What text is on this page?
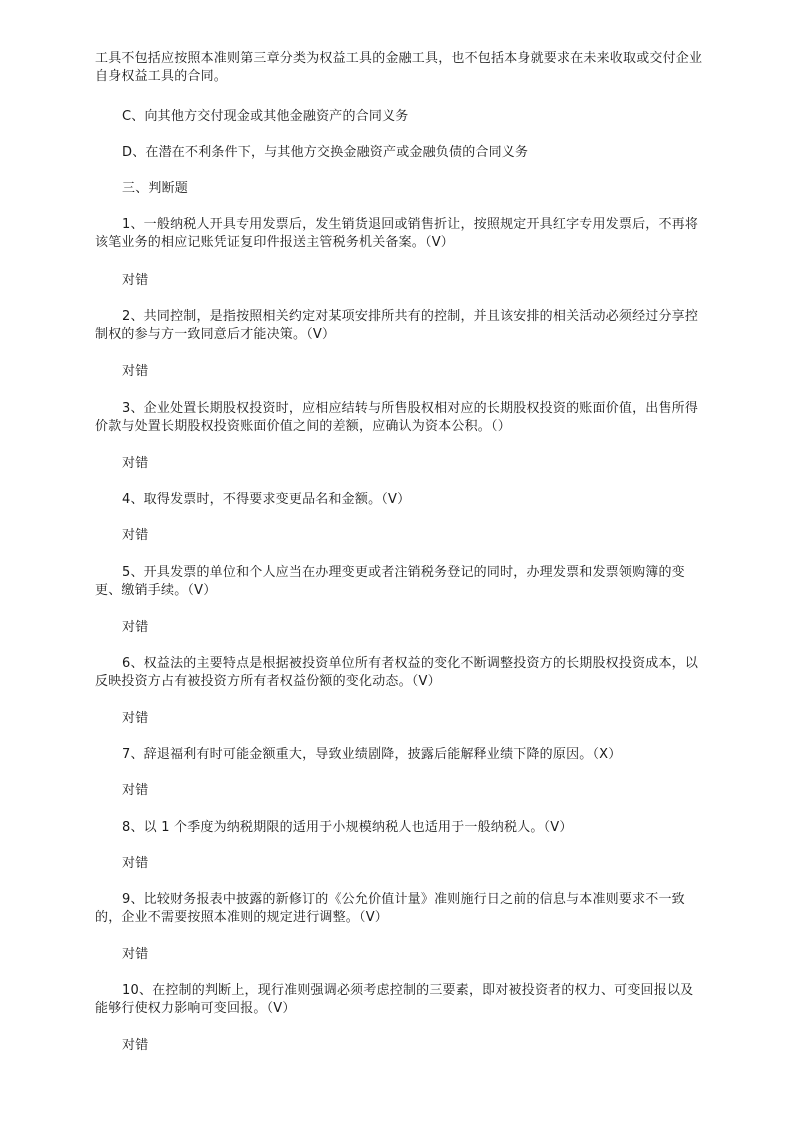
工具不包括应按照本准则第三章分类为权益工具的金融工具，也不包括本身就要求在未来收取或交付企业自身权益工具的合同。

C、向其他方交付现金或其他金融资产的合同义务

D、在潜在不利条件下，与其他方交换金融资产或金融负债的合同义务

三、判断题

1、一般纳税人开具专用发票后，发生销货退回或销售折让，按照规定开具红字专用发票后，不再将该笔业务的相应记账凭证复印件报送主管税务机关备案。（V）

对错

2、共同控制，是指按照相关约定对某项安排所共有的控制，并且该安排的相关活动必须经过分享控制权的参与方一致同意后才能决策。（V）

对错

3、企业处置长期股权投资时，应相应结转与所售股权相对应的长期股权投资的账面价值，出售所得价款与处置长期股权投资账面价值之间的差额，应确认为资本公积。（）

对错

4、取得发票时，不得要求变更品名和金额。（V）

对错

5、开具发票的单位和个人应当在办理变更或者注销税务登记的同时，办理发票和发票领购簿的变更、缴销手续。（V）

对错

6、权益法的主要特点是根据被投资单位所有者权益的变化不断调整投资方的长期股权投资成本，以反映投资方占有被投资方所有者权益份额的变化动态。（V）

对错

7、辞退福利有时可能金额重大，导致业绩剧降，披露后能解释业绩下降的原因。（X）

对错

8、以 1 个季度为纳税期限的适用于小规模纳税人也适用于一般纳税人。（V）

对错

9、比较财务报表中披露的新修订的《公允价值计量》准则施行日之前的信息与本准则要求不一致的，企业不需要按照本准则的规定进行调整。（V）

对错

10、在控制的判断上，现行准则强调必须考虑控制的三要素，即对被投资者的权力、可变回报以及能够行使权力影响可变回报。（V）

对错
